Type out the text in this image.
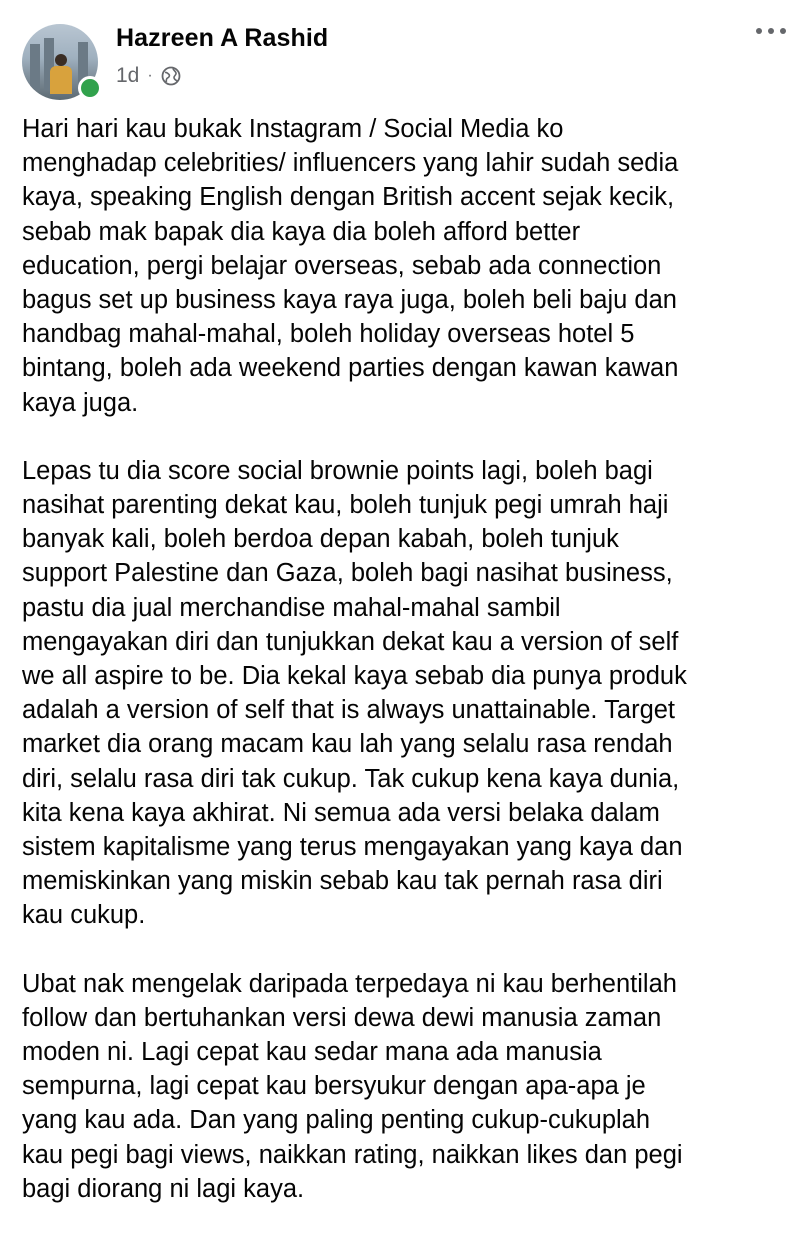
Hazreen A Rashid
1d ·

Hari hari kau bukak Instagram / Social Media ko
menghadap celebrities/ influencers yang lahir sudah sedia
kaya, speaking English dengan British accent sejak kecik,
sebab mak bapak dia kaya dia boleh afford better
education, pergi belajar overseas, sebab ada connection
bagus set up business kaya raya juga, boleh beli baju dan
handbag mahal-mahal, boleh holiday overseas hotel 5
bintang, boleh ada weekend parties dengan kawan kawan
kaya juga.

Lepas tu dia score social brownie points lagi, boleh bagi
nasihat parenting dekat kau, boleh tunjuk pegi umrah haji
banyak kali, boleh berdoa depan kabah, boleh tunjuk
support Palestine dan Gaza, boleh bagi nasihat business,
pastu dia jual merchandise mahal-mahal sambil
mengayakan diri dan tunjukkan dekat kau a version of self
we all aspire to be. Dia kekal kaya sebab dia punya produk
adalah a version of self that is always unattainable. Target
market dia orang macam kau lah yang selalu rasa rendah
diri, selalu rasa diri tak cukup. Tak cukup kena kaya dunia,
kita kena kaya akhirat. Ni semua ada versi belaka dalam
sistem kapitalisme yang terus mengayakan yang kaya dan
memiskinkan yang miskin sebab kau tak pernah rasa diri
kau cukup.

Ubat nak mengelak daripada terpedaya ni kau berhentilah
follow dan bertuhankan versi dewa dewi manusia zaman
moden ni. Lagi cepat kau sedar mana ada manusia
sempurna, lagi cepat kau bersyukur dengan apa-apa je
yang kau ada. Dan yang paling penting cukup-cukuplah
kau pegi bagi views, naikkan rating, naikkan likes dan pegi
bagi diorang ni lagi kaya.
